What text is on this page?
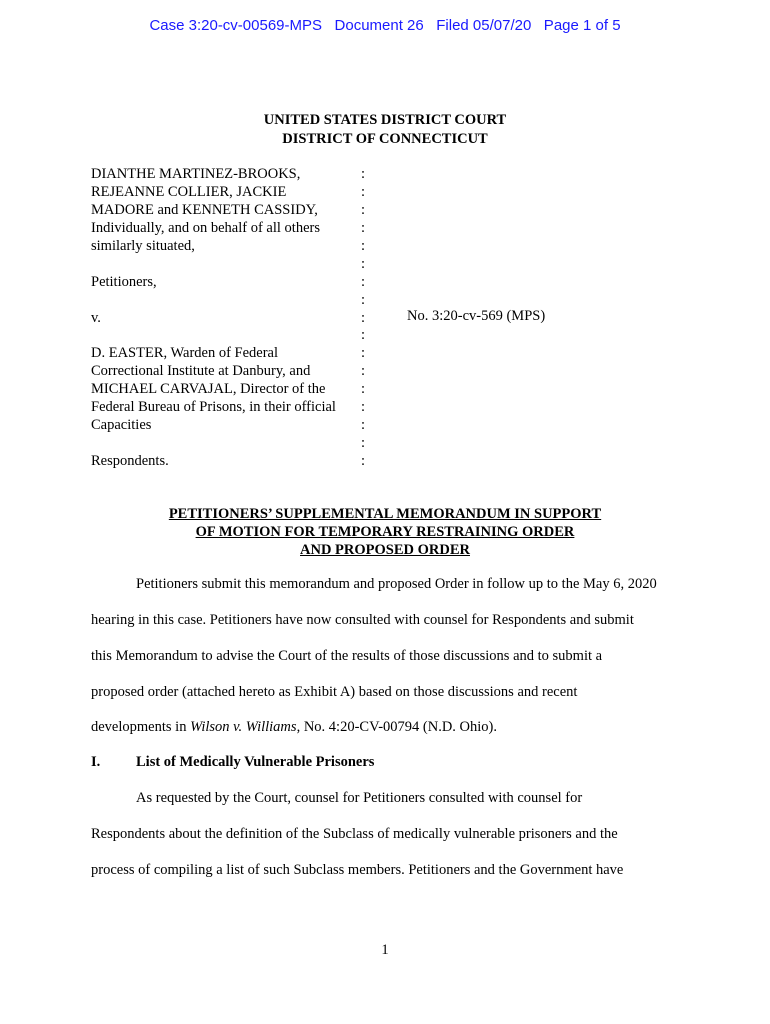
Case 3:20-cv-00569-MPS   Document 26   Filed 05/07/20   Page 1 of 5
UNITED STATES DISTRICT COURT
DISTRICT OF CONNECTICUT
DIANTHE MARTINEZ-BROOKS,
REJEANNE COLLIER, JACKIE
MADORE and KENNETH CASSIDY,
Individually, and on behalf of all others
similarly situated,
Petitioners,
v.
D. EASTER, Warden of Federal
Correctional Institute at Danbury, and
MICHAEL CARVAJAL, Director of the
Federal Bureau of Prisons, in their official
Capacities
Respondents.
:
:
:
:
:
:
:
:
:
:
:
:
:
:
:
:
:
No. 3:20-cv-569 (MPS)
PETITIONERS’ SUPPLEMENTAL MEMORANDUM IN SUPPORT
OF MOTION FOR TEMPORARY RESTRAINING ORDER
AND PROPOSED ORDER
Petitioners submit this memorandum and proposed Order in follow up to the May 6, 2020
hearing in this case. Petitioners have now consulted with counsel for Respondents and submit
this Memorandum to advise the Court of the results of those discussions and to submit a
proposed order (attached hereto as Exhibit A) based on those discussions and recent
developments in Wilson v. Williams, No. 4:20-CV-00794 (N.D. Ohio).
I. List of Medically Vulnerable Prisoners
As requested by the Court, counsel for Petitioners consulted with counsel for
Respondents about the definition of the Subclass of medically vulnerable prisoners and the
process of compiling a list of such Subclass members. Petitioners and the Government have
1
